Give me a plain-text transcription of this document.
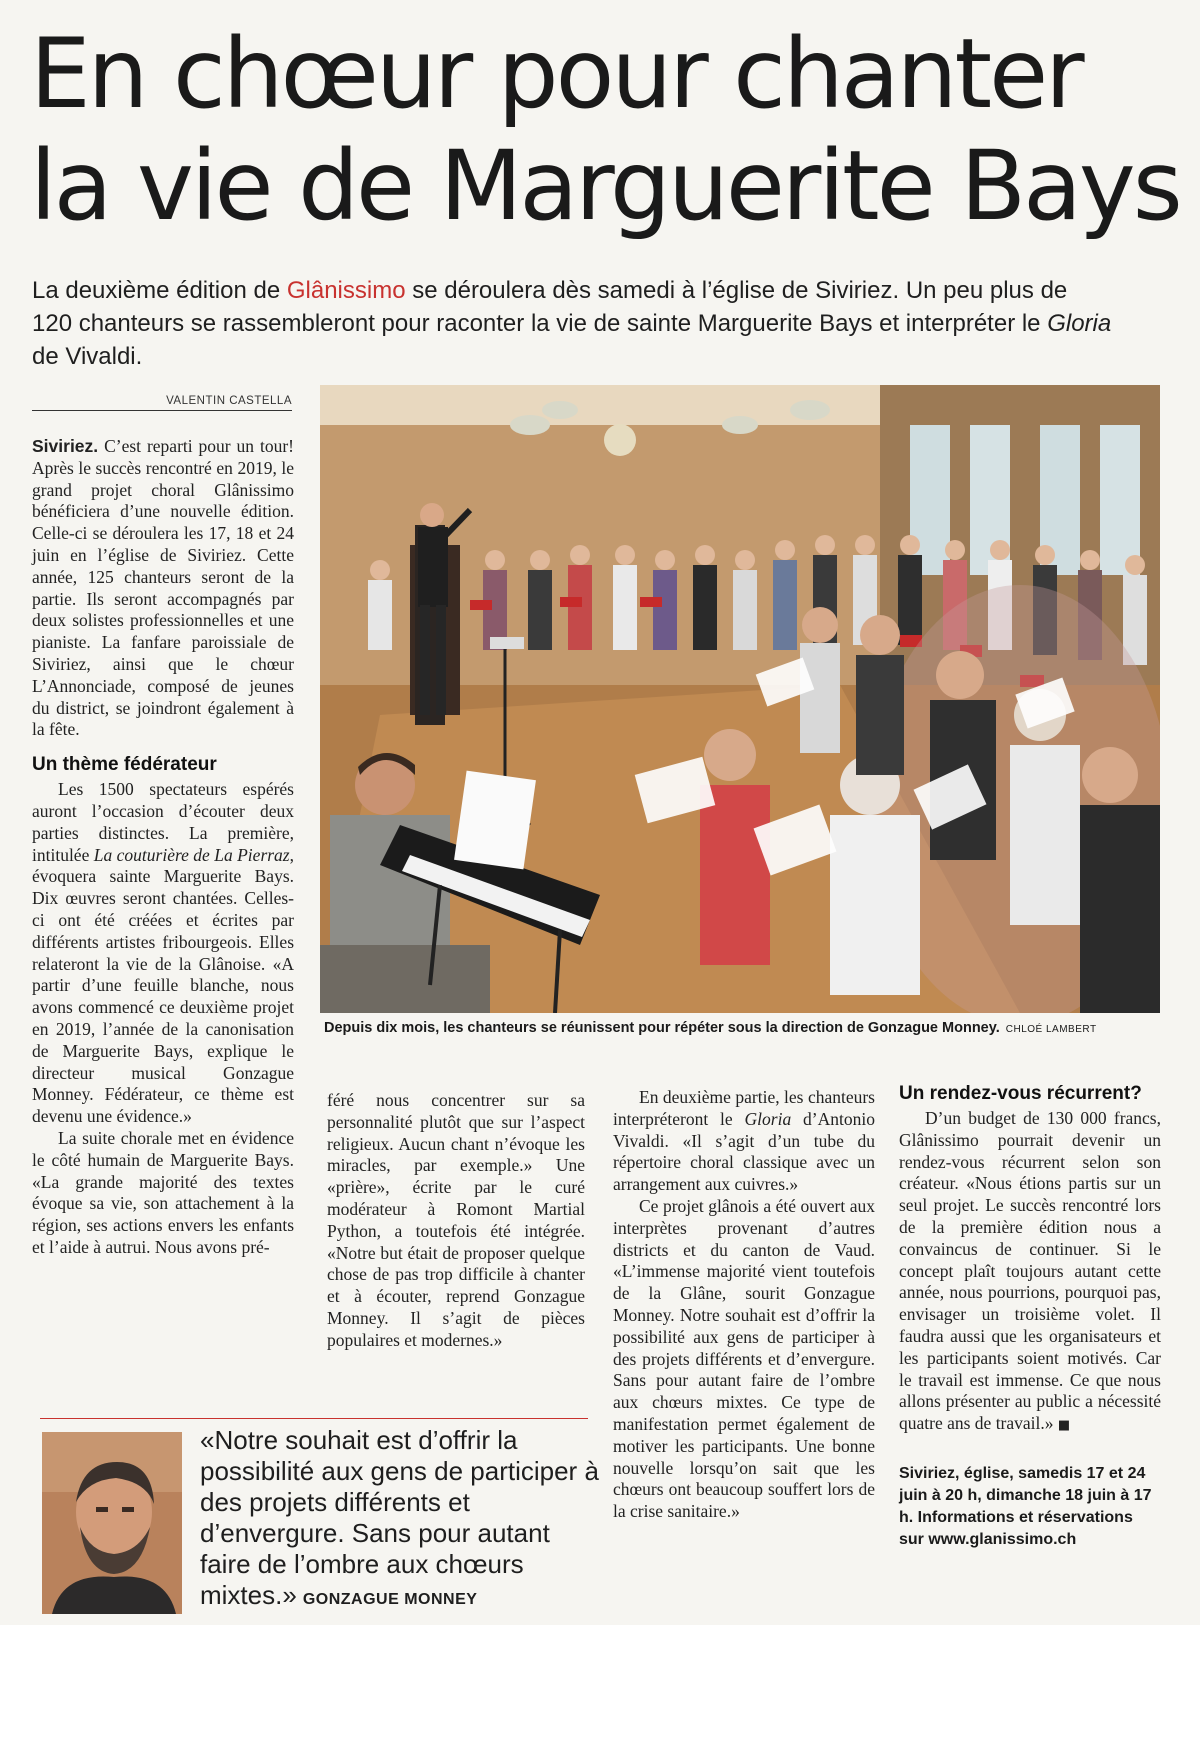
En chœur pour chanter
la vie de Marguerite Bays

La deuxième édition de Glânissimo se déroulera dès samedi à l’église de Siviriez. Un peu plus de 120 chanteurs se rassembleront pour raconter la vie de sainte Marguerite Bays et interpréter le Gloria de Vivaldi.

VALENTIN CASTELLA

Siviriez. C’est reparti pour un tour! Après le succès rencontré en 2019, le grand projet choral Glânissimo bénéficiera d’une nouvelle édition. Celle-ci se déroulera les 17, 18 et 24 juin en l’église de Siviriez. Cette année, 125 chanteurs seront de la partie. Ils seront accompagnés par deux solistes professionnelles et une pianiste. La fanfare paroissiale de Siviriez, ainsi que le chœur L’Annonciade, composé de jeunes du district, se joindront également à la fête.

Un thème fédérateur

Les 1500 spectateurs espérés auront l’occasion d’écouter deux parties distinctes. La première, intitulée La couturière de La Pierraz, évoquera sainte Marguerite Bays. Dix œuvres seront chantées. Celles-ci ont été créées et écrites par différents artistes fribourgeois. Elles relateront la vie de la Glânoise. «A partir d’une feuille blanche, nous avons commencé ce deuxième projet en 2019, l’année de la canonisation de Marguerite Bays, explique le directeur musical Gonzague Monney. Fédérateur, ce thème est devenu une évidence.»

La suite chorale met en évidence le côté humain de Marguerite Bays. «La grande majorité des textes évoque sa vie, son attachement à la région, ses actions envers les enfants et l’aide à autrui. Nous avons pré-

Depuis dix mois, les chanteurs se réunissent pour répéter sous la direction de Gonzague Monney. CHLOÉ LAMBERT

féré nous concentrer sur sa personnalité plutôt que sur l’aspect religieux. Aucun chant n’évoque les miracles, par exemple.» Une «prière», écrite par le curé modérateur à Romont Martial Python, a toutefois été intégrée. «Notre but était de proposer quelque chose de pas trop difficile à chanter et à écouter, reprend Gonzague Monney. Il s’agit de pièces populaires et modernes.»

En deuxième partie, les chanteurs interpréteront le Gloria d’Antonio Vivaldi. «Il s’agit d’un tube du répertoire choral classique avec un arrangement aux cuivres.»

Ce projet glânois a été ouvert aux interprètes provenant d’autres districts et du canton de Vaud. «L’immense majorité vient toutefois de la Glâne, sourit Gonzague Monney. Notre souhait est d’offrir la possibilité aux gens de participer à des projets différents et d’envergure. Sans pour autant faire de l’ombre aux chœurs mixtes. Ce type de manifestation permet également de motiver les participants. Une bonne nouvelle lorsqu’on sait que les chœurs ont beaucoup souffert lors de la crise sanitaire.»

Un rendez-vous récurrent?

D’un budget de 130 000 francs, Glânissimo pourrait devenir un rendez-vous récurrent selon son créateur. «Nous étions partis sur un seul projet. Le succès rencontré lors de la première édition nous a convaincus de continuer. Si le concept plaît toujours autant cette année, nous pourrions, pourquoi pas, envisager un troisième volet. Il faudra aussi que les organisateurs et les participants soient motivés. Car le travail est immense. Ce que nous allons présenter au public a nécessité quatre ans de travail.» ■

Siviriez, église, samedis 17 et 24 juin à 20 h, dimanche 18 juin à 17 h. Informations et réservations sur www.glanissimo.ch
«Notre souhait est d’offrir la possibilité aux gens de participer à des projets différents et d’envergure. Sans pour autant faire de l’ombre aux chœurs mixtes.» GONZAGUE MONNEY
